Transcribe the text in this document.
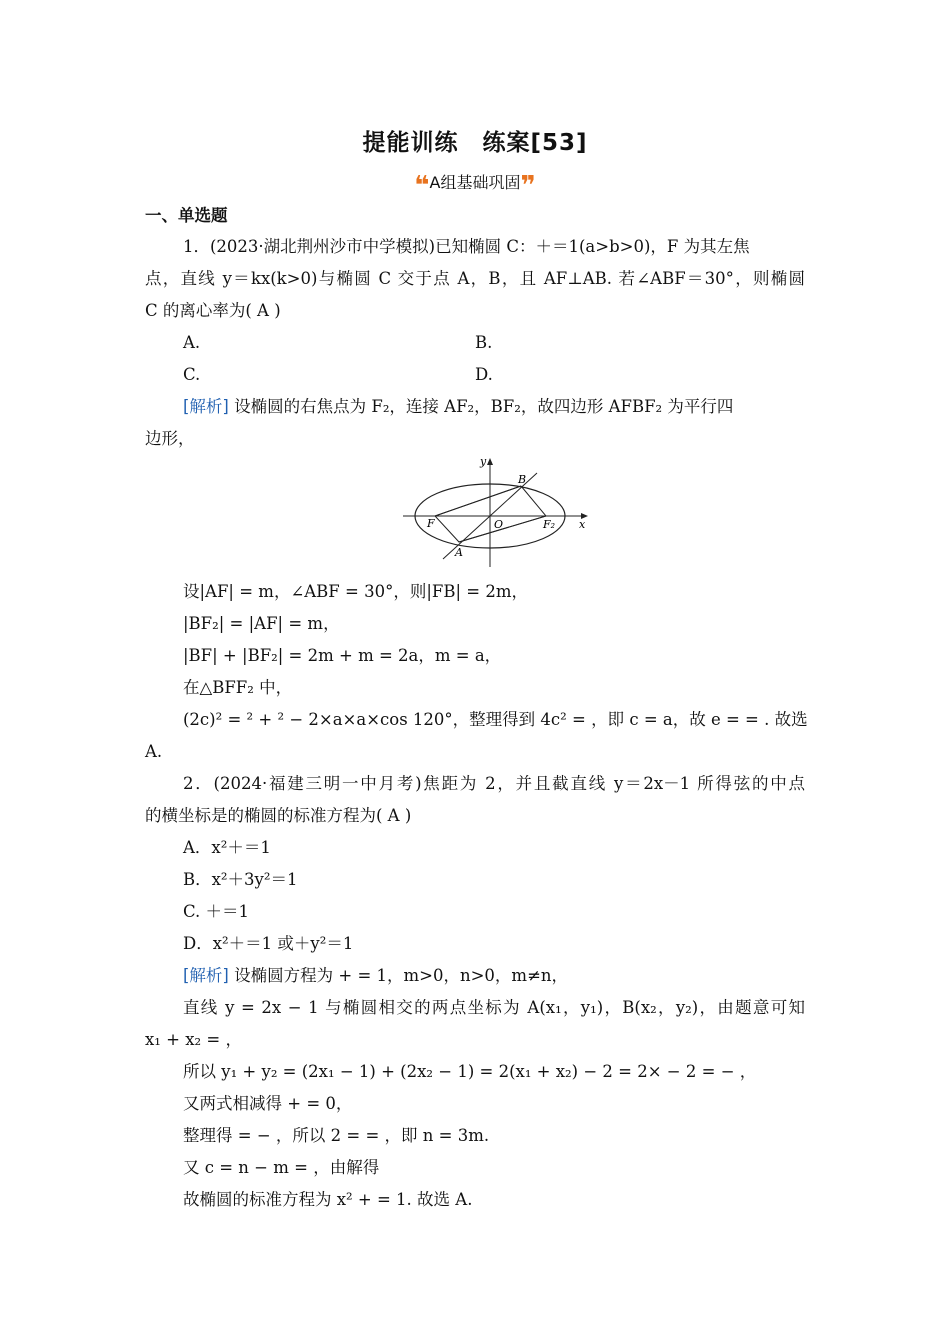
提能训练　练案[53]
❝A组基础巩固❞
一、单选题
1．(2023·湖北荆州沙市中学模拟)已知椭圆 C：＋＝1(a>b>0)，F 为其左焦
点，直线 y＝kx(k>0)与椭圆 C 交于点 A，B，且 AF⊥AB. 若∠ABF＝30°，则椭圆
C 的离心率为( A )
A.	B.
C.	D.
[解析] 设椭圆的右焦点为 F₂，连接 AF₂，BF₂，故四边形 AFBF₂ 为平行四
边形，
y
x
B
F	O	F₂
A
设|AF| = m，∠ABF = 30°，则|FB| = 2m，
|BF₂| = |AF| = m，
|BF| + |BF₂| = 2m + m = 2a，m = a，
在△BFF₂ 中，
(2c)² = ² + ² − 2×a×a×cos 120°，整理得到 4c² = ，即 c = a，故 e = = . 故选
A.
2．(2024·福建三明一中月考)焦距为 2，并且截直线 y＝2x－1 所得弦的中点
的横坐标是的椭圆的标准方程为( A )
A．x²＋＝1
B．x²＋3y²＝1
C. ＋＝1
D．x²＋＝1 或＋y²＝1
[解析] 设椭圆方程为 + = 1，m>0，n>0，m≠n，
直线 y = 2x − 1 与椭圆相交的两点坐标为 A(x₁，y₁)，B(x₂，y₂)，由题意可知
x₁ + x₂ = ，
所以 y₁ + y₂ = (2x₁ − 1) + (2x₂ − 1) = 2(x₁ + x₂) − 2 = 2× − 2 = − ，
又两式相减得 + = 0，
整理得 = − ，所以 2 = = ，即 n = 3m.
又 c = n − m = ，由解得
故椭圆的标准方程为 x² + = 1. 故选 A.
